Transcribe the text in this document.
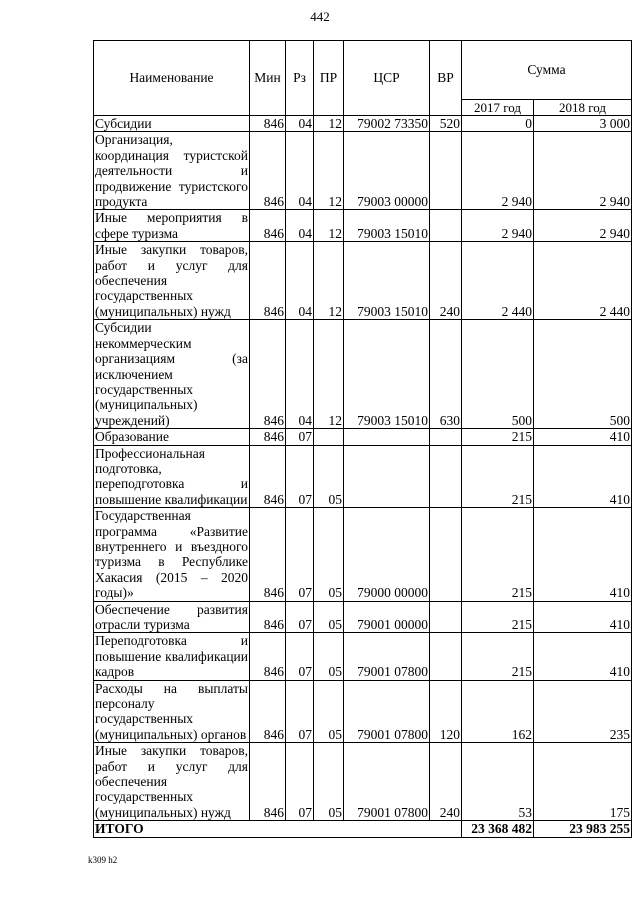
442
Наименование	Мин	Рз	ПР	ЦСР	ВР	Сумма	
						2017 год	2018 год
Субсидии	846	04	12	79002 73350	520	0	3 000
Организация, координация туристской деятельности и продвижение туристского продукта	846	04	12	79003 00000		2 940	2 940
Иные мероприятия в сфере туризма	846	04	12	79003 15010		2 940	2 940
Иные закупки товаров, работ и услуг для обеспечения государственных (муниципальных) нужд	846	04	12	79003 15010	240	2 440	2 440
Субсидии некоммерческим организациям (за исключением государственных (муниципальных) учреждений)	846	04	12	79003 15010	630	500	500
Образование	846	07				215	410
Профессиональная подготовка, переподготовка и повышение квалификации	846	07	05			215	410
Государственная программа «Развитие внутреннего и въездного туризма в Республике Хакасия (2015 – 2020 годы)»	846	07	05	79000 00000		215	410
Обеспечение развития отрасли туризма	846	07	05	79001 00000		215	410
Переподготовка и повышение квалификации кадров	846	07	05	79001 07800		215	410
Расходы на выплаты персоналу государственных (муниципальных) органов	846	07	05	79001 07800	120	162	235
Иные закупки товаров, работ и услуг для обеспечения государственных (муниципальных) нужд	846	07	05	79001 07800	240	53	175
ИТОГО						23 368 482	23 983 255
k309 h2
